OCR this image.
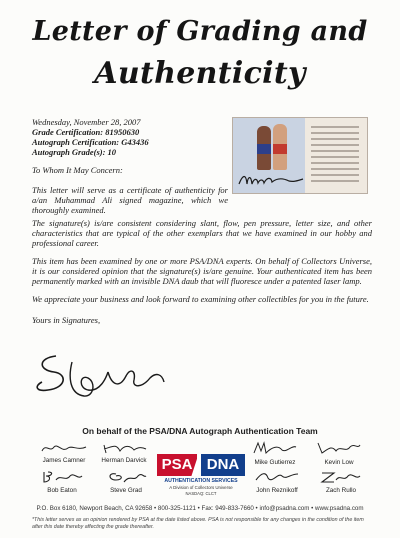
Letter of Grading and
Authenticity
Wednesday, November 28, 2007
Grade Certification: 81950630
Autograph Certification: G43436
Autograph Grade(s): 10
To Whom It May Concern:
This letter will serve as a certificate of authenticity for a/an Muhammad Ali signed magazine, which we thoroughly examined.
The signature(s) is/are consistent considering slant, flow, pen pressure, letter size, and other characteristics that are typical of the other exemplars that we have examined in our hobby and professional career.
This item has been examined by one or more PSA/DNA experts. On behalf of Collectors Universe, it is our considered opinion that the signature(s) is/are genuine. Your authenticated item has been permanently marked with an invisible DNA daub that will fluoresce under a patented laser lamp.
We appreciate your business and look forward to examining other collectibles for you in the future.
Yours in Signatures,
On behalf of the PSA/DNA Autograph Authentication Team
James Camner	Herman Darvick	Mike Gutierrez	Kevin Low
Bob Eaton	Steve Grad	John Reznikoff	Zach Rullo
PSA DNA
AUTHENTICATION SERVICES
A Division of Collectors Universe
NASDAQ: CLCT
P.O. Box 6180, Newport Beach, CA 92658 • 800-325-1121 • Fax: 949-833-7660 • info@psadna.com • www.psadna.com
*This letter serves as an opinion rendered by PSA at the date listed above. PSA is not responsible for any changes in the condition of the item after this date thereby affecting the grade thereafter.
